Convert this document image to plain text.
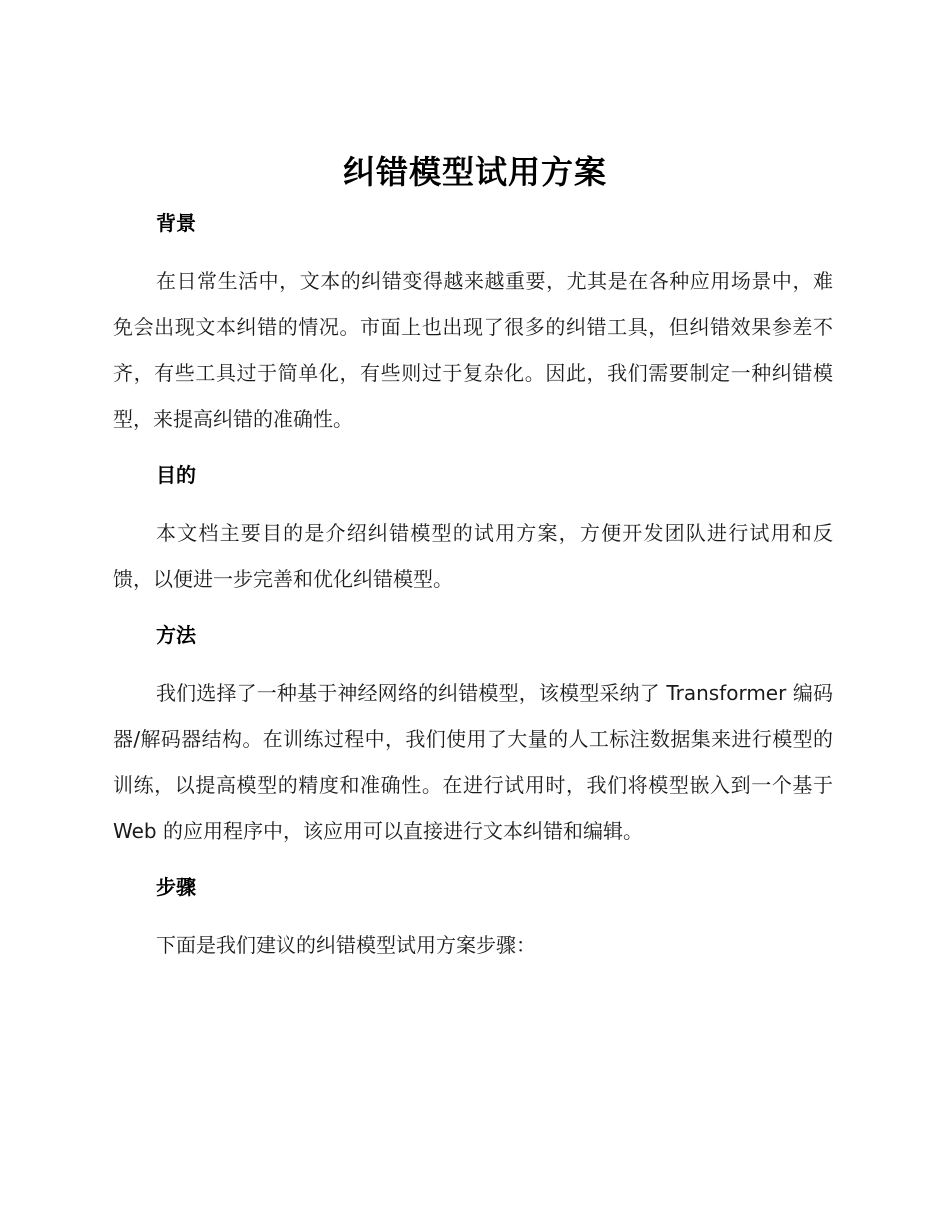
纠错模型试用方案
背景

在日常生活中，文本的纠错变得越来越重要，尤其是在各种应用场景中，难免会出现文本纠错的情况。市面上也出现了很多的纠错工具，但纠错效果参差不齐，有些工具过于简单化，有些则过于复杂化。因此，我们需要制定一种纠错模型，来提高纠错的准确性。

目的

本文档主要目的是介绍纠错模型的试用方案，方便开发团队进行试用和反馈，以便进一步完善和优化纠错模型。

方法

我们选择了一种基于神经网络的纠错模型，该模型采纳了 Transformer 编码器/解码器结构。在训练过程中，我们使用了大量的人工标注数据集来进行模型的训练，以提高模型的精度和准确性。在进行试用时，我们将模型嵌入到一个基于 Web 的应用程序中，该应用可以直接进行文本纠错和编辑。

步骤

下面是我们建议的纠错模型试用方案步骤：
